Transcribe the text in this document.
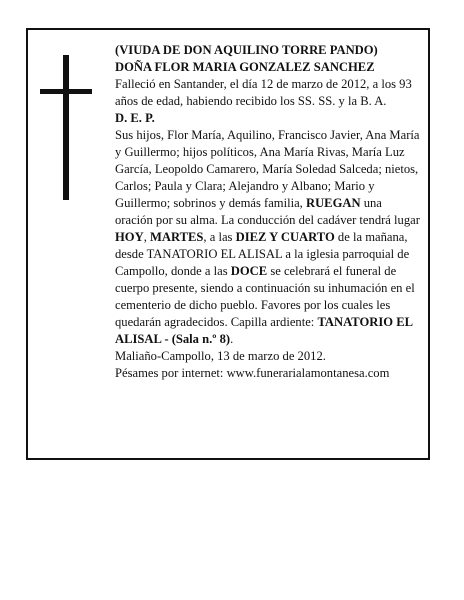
(VIUDA DE DON AQUILINO TORRE PANDO)

DOÑA FLOR MARIA GONZALEZ SANCHEZ

Falleció en Santander, el día 12 de marzo de 2012, a los 93 años de edad, habiendo recibido los SS. SS. y la B. A.

D. E. P.

Sus hijos, Flor María, Aquilino, Francisco Javier, Ana María y Guillermo; hijos políticos, Ana María Rivas, María Luz García, Leopoldo Camarero, María Soledad Salceda; nietos, Carlos; Paula y Clara; Alejandro y Albano; Mario y Guillermo; sobrinos y demás familia, RUEGAN una oración por su alma. La conducción del cadáver tendrá lugar HOY, MARTES, a las DIEZ Y CUARTO de la mañana, desde TANATORIO EL ALISAL a la iglesia parroquial de Campollo, donde a las DOCE se celebrará el funeral de cuerpo presente, siendo a continuación su inhumación en el cementerio de dicho pueblo. Favores por los cuales les quedarán agradecidos. Capilla ardiente: TANATORIO EL ALISAL - (Sala n.º 8).

Maliaño-Campollo, 13 de marzo de 2012.

Pésames por internet: www.funerarialamontanesa.com
